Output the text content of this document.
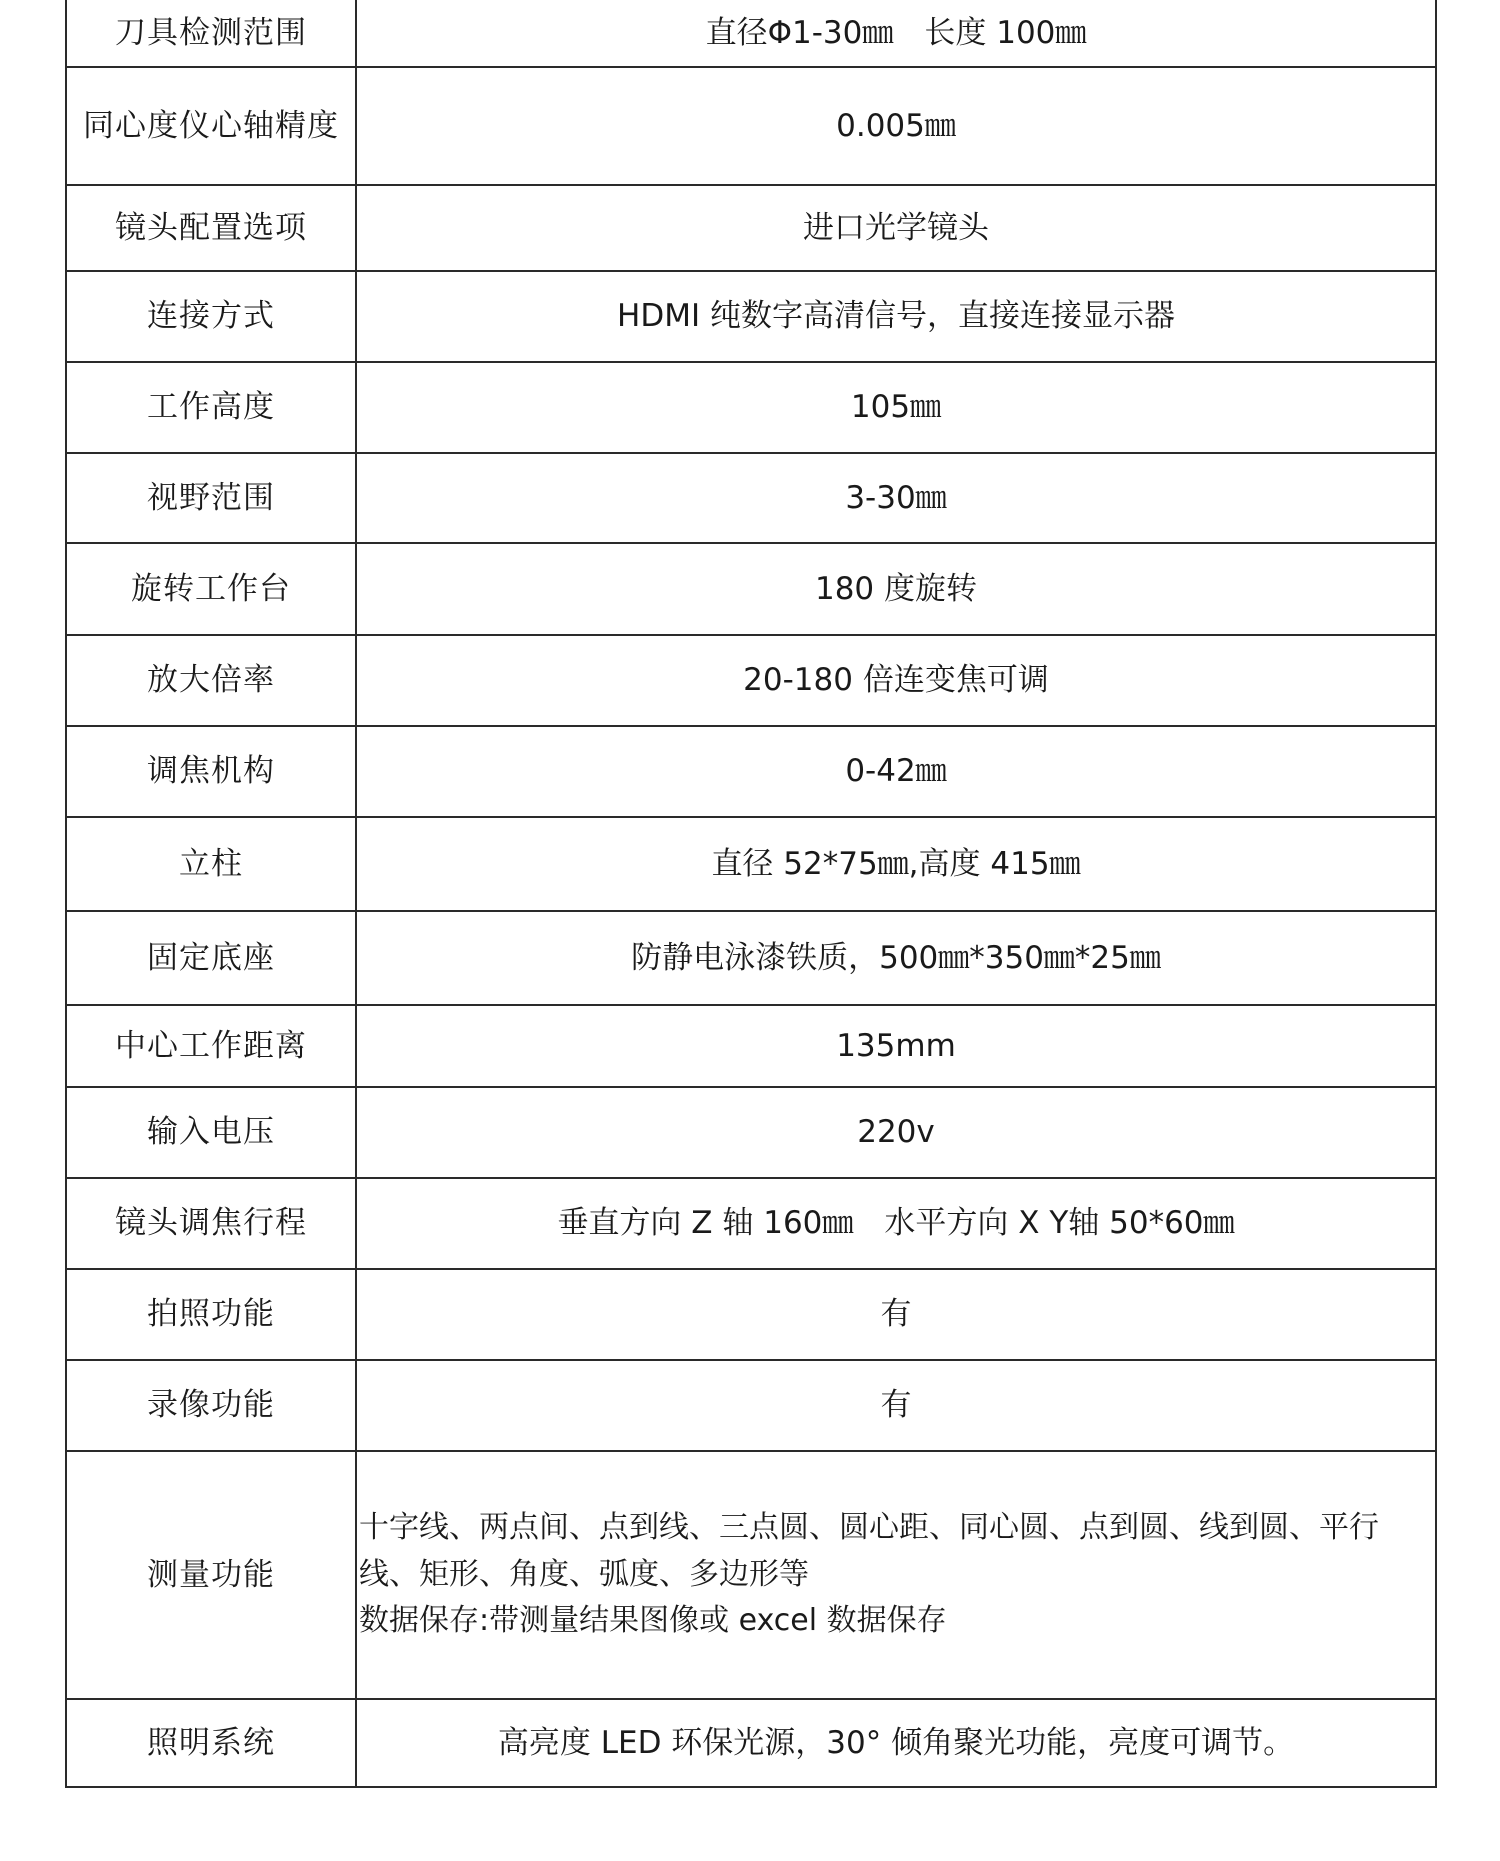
刀具检测范围	直径Φ1-30㎜　长度 100㎜
同心度仪心轴精度	0.005㎜
镜头配置选项	进口光学镜头
连接方式	HDMI 纯数字高清信号，直接连接显示器
工作高度	105㎜
视野范围	3-30㎜
旋转工作台	180 度旋转
放大倍率	20-180 倍连变焦可调
调焦机构	0-42㎜
立柱	直径 52*75㎜,高度 415㎜
固定底座	防静电泳漆铁质，500㎜*350㎜*25㎜
中心工作距离	135mm
输入电压	220v
镜头调焦行程	垂直方向 Z 轴 160㎜　水平方向 X Y轴 50*60㎜
拍照功能	有
录像功能	有
测量功能	十字线、两点间、点到线、三点圆、圆心距、同心圆、点到圆、线到圆、平行线、矩形、角度、弧度、多边形等
数据保存:带测量结果图像或 excel 数据保存

照明系统	高亮度 LED 环保光源，30° 倾角聚光功能，亮度可调节。
